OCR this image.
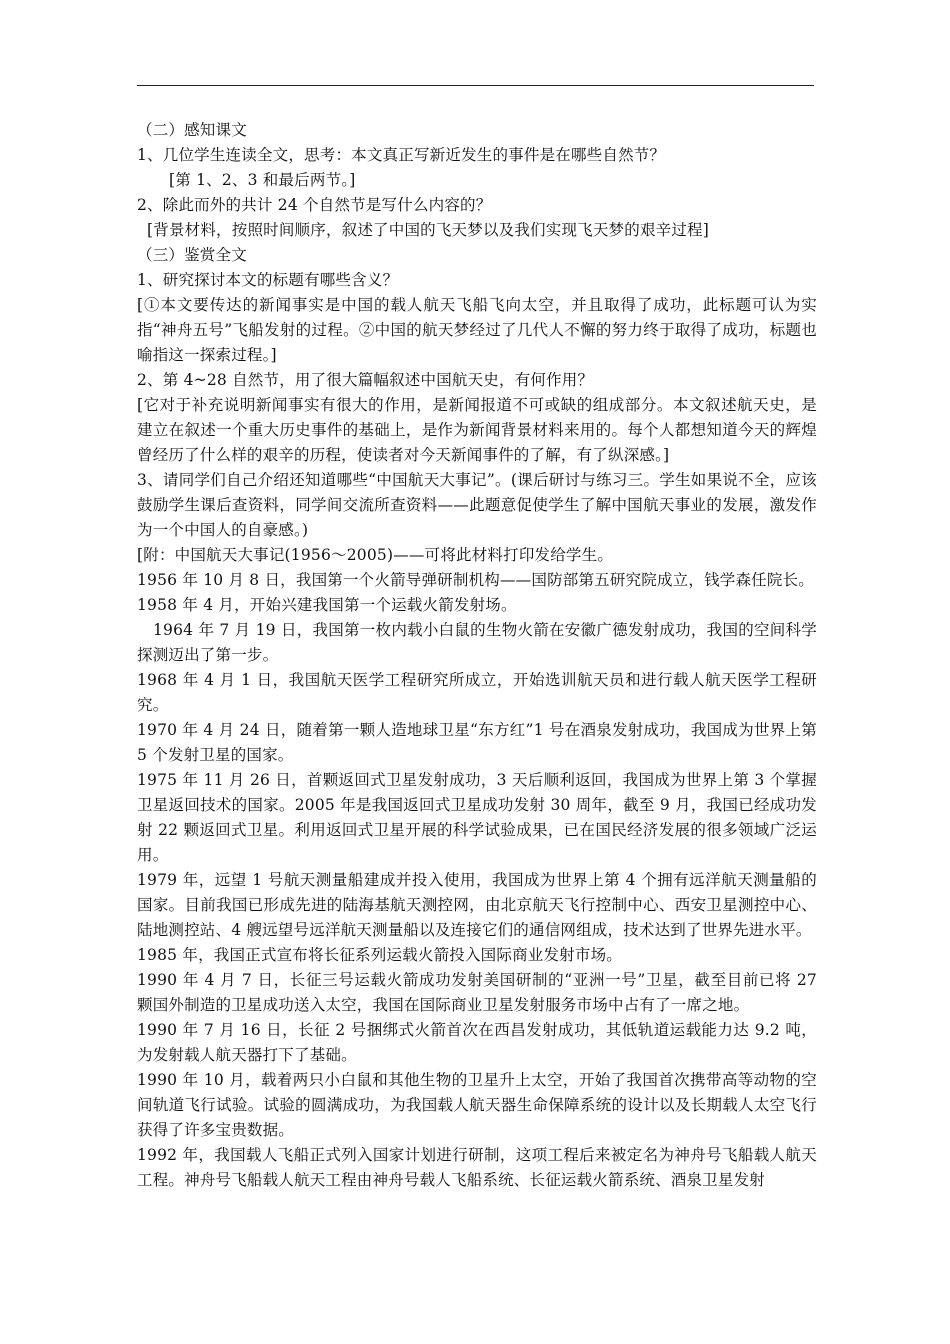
（二）感知课文

1、几位学生连读全文，思考：本文真正写新近发生的事件是在哪些自然节？

[第 1、2、3 和最后两节。]

2、除此而外的共计 24 个自然节是写什么内容的？

[背景材料，按照时间顺序，叙述了中国的飞天梦以及我们实现飞天梦的艰辛过程]

（三）鉴赏全文

1、研究探讨本文的标题有哪些含义？

[①本文要传达的新闻事实是中国的载人航天飞船飞向太空，并且取得了成功，此标题可认为实指“神舟五号”飞船发射的过程。②中国的航天梦经过了几代人不懈的努力终于取得了成功，标题也喻指这一探索过程。]

2、第 4~28 自然节，用了很大篇幅叙述中国航天史，有何作用？

[它对于补充说明新闻事实有很大的作用，是新闻报道不可或缺的组成部分。本文叙述航天史，是建立在叙述一个重大历史事件的基础上，是作为新闻背景材料来用的。每个人都想知道今天的辉煌曾经历了什么样的艰辛的历程，使读者对今天新闻事件的了解，有了纵深感。]

3、请同学们自己介绍还知道哪些“中国航天大事记”。(课后研讨与练习三。学生如果说不全，应该鼓励学生课后查资料，同学间交流所查资料——此题意促使学生了解中国航天事业的发展，激发作为一个中国人的自豪感。)

[附：中国航天大事记(1956～2005)——可将此材料打印发给学生。

1956 年 10 月 8 日，我国第一个火箭导弹研制机构——国防部第五研究院成立，钱学森任院长。

1958 年 4 月，开始兴建我国第一个运载火箭发射场。

1964 年 7 月 19 日，我国第一枚内载小白鼠的生物火箭在安徽广德发射成功，我国的空间科学探测迈出了第一步。

1968 年 4 月 1 日，我国航天医学工程研究所成立，开始选训航天员和进行载人航天医学工程研究。

1970 年 4 月 24 日，随着第一颗人造地球卫星“东方红”1 号在酒泉发射成功，我国成为世界上第 5 个发射卫星的国家。

1975 年 11 月 26 日，首颗返回式卫星发射成功，3 天后顺利返回，我国成为世界上第 3 个掌握卫星返回技术的国家。2005 年是我国返回式卫星成功发射 30 周年，截至 9 月，我国已经成功发射 22 颗返回式卫星。利用返回式卫星开展的科学试验成果，已在国民经济发展的很多领域广泛运用。

1979 年，远望 1 号航天测量船建成并投入使用，我国成为世界上第 4 个拥有远洋航天测量船的国家。目前我国已形成先进的陆海基航天测控网，由北京航天飞行控制中心、西安卫星测控中心、陆地测控站、4 艘远望号远洋航天测量船以及连接它们的通信网组成，技术达到了世界先进水平。

1985 年，我国正式宣布将长征系列运载火箭投入国际商业发射市场。

1990 年 4 月 7 日，长征三号运载火箭成功发射美国研制的“亚洲一号”卫星，截至目前已将 27 颗国外制造的卫星成功送入太空，我国在国际商业卫星发射服务市场中占有了一席之地。

1990 年 7 月 16 日，长征 2 号捆绑式火箭首次在西昌发射成功，其低轨道运载能力达 9.2 吨，为发射载人航天器打下了基础。

1990 年 10 月，载着两只小白鼠和其他生物的卫星升上太空，开始了我国首次携带高等动物的空间轨道飞行试验。试验的圆满成功，为我国载人航天器生命保障系统的设计以及长期载人太空飞行获得了许多宝贵数据。

1992 年，我国载人飞船正式列入国家计划进行研制，这项工程后来被定名为神舟号飞船载人航天工程。神舟号飞船载人航天工程由神舟号载人飞船系统、长征运载火箭系统、酒泉卫星发射
